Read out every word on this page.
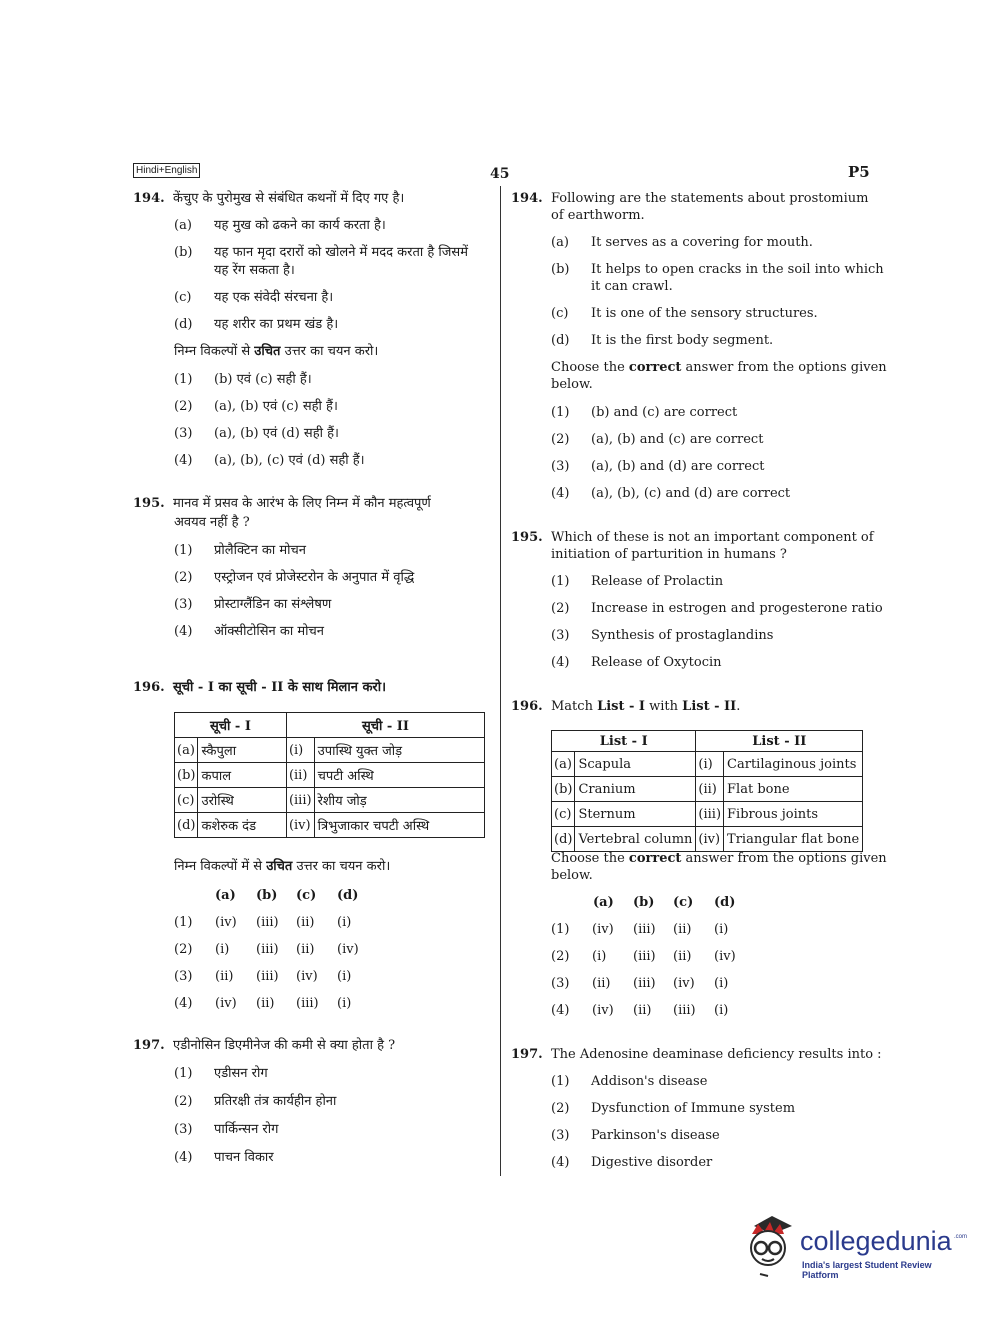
Hindi+English	45	P5
194. केंचुए के पुरोमुख से संबंधित कथनों में दिए गए है।
(a) यह मुख को ढकने का कार्य करता है।
(b) यह फान मृदा दरारों को खोलने में मदद करता है जिसमें
यह रेंग सकता है।
(c) यह एक संवेदी संरचना है।
(d) यह शरीर का प्रथम खंड है।
निम्न विकल्पों से उचित उत्तर का चयन करो।
(1) (b) एवं (c) सही हैं।
(2) (a), (b) एवं (c) सही हैं।
(3) (a), (b) एवं (d) सही हैं।
(4) (a), (b), (c) एवं (d) सही हैं।
195. मानव में प्रसव के आरंभ के लिए निम्न में कौन महत्वपूर्ण
अवयव नहीं है ?
(1) प्रोलैक्टिन का मोचन
(2) एस्ट्रोजन एवं प्रोजेस्टरोन के अनुपात में वृद्धि
(3) प्रोस्टाग्लैंडिन का संश्लेषण
(4) ऑक्सीटोसिन का मोचन
196. सूची - I का सूची - II के साथ मिलान करो।
सूची - I		सूची - II	
(a)	स्कैपुला	(i)	उपास्थि युक्त जोड़
(b)	कपाल	(ii)	चपटी अस्थि
(c)	उरोस्थि	(iii)	रेशीय जोड़
(d)	कशेरुक दंड	(iv)	त्रिभुजाकार चपटी अस्थि
निम्न विकल्पों में से उचित उत्तर का चयन करो।
(a) (b) (c) (d)
(1) (iv) (iii) (ii) (i)
(2) (i) (iii) (ii) (iv)
(3) (ii) (iii) (iv) (i)
(4) (iv) (ii) (iii) (i)
197. एडीनोसिन डिएमीनेज की कमी से क्या होता है ?
(1) एडीसन रोग
(2) प्रतिरक्षी तंत्र कार्यहीन होना
(3) पार्किन्सन रोग
(4) पाचन विकार
194. Following are the statements about prostomium
of earthworm.
(a) It serves as a covering for mouth.
(b) It helps to open cracks in the soil into which
it can crawl.
(c) It is one of the sensory structures.
(d) It is the first body segment.
Choose the correct answer from the options given
below.
(1) (b) and (c) are correct
(2) (a), (b) and (c) are correct
(3) (a), (b) and (d) are correct
(4) (a), (b), (c) and (d) are correct
195. Which of these is not an important component of
initiation of parturition in humans ?
(1) Release of Prolactin
(2) Increase in estrogen and progesterone ratio
(3) Synthesis of prostaglandins
(4) Release of Oxytocin
196. Match List - I with List - II.
List - I		List - II	
(a)	Scapula	(i)	Cartilaginous joints
(b)	Cranium	(ii)	Flat bone
(c)	Sternum	(iii)	Fibrous joints
(d)	Vertebral column	(iv)	Triangular flat bone
Choose the correct answer from the options given
below.
(a) (b) (c) (d)
(1) (iv) (iii) (ii) (i)
(2) (i) (iii) (ii) (iv)
(3) (ii) (iii) (iv) (i)
(4) (iv) (ii) (iii) (i)
197. The Adenosine deaminase deficiency results into :
(1) Addison's disease
(2) Dysfunction of Immune system
(3) Parkinson's disease
(4) Digestive disorder
collegedunia .com
India's largest Student Review Platform
